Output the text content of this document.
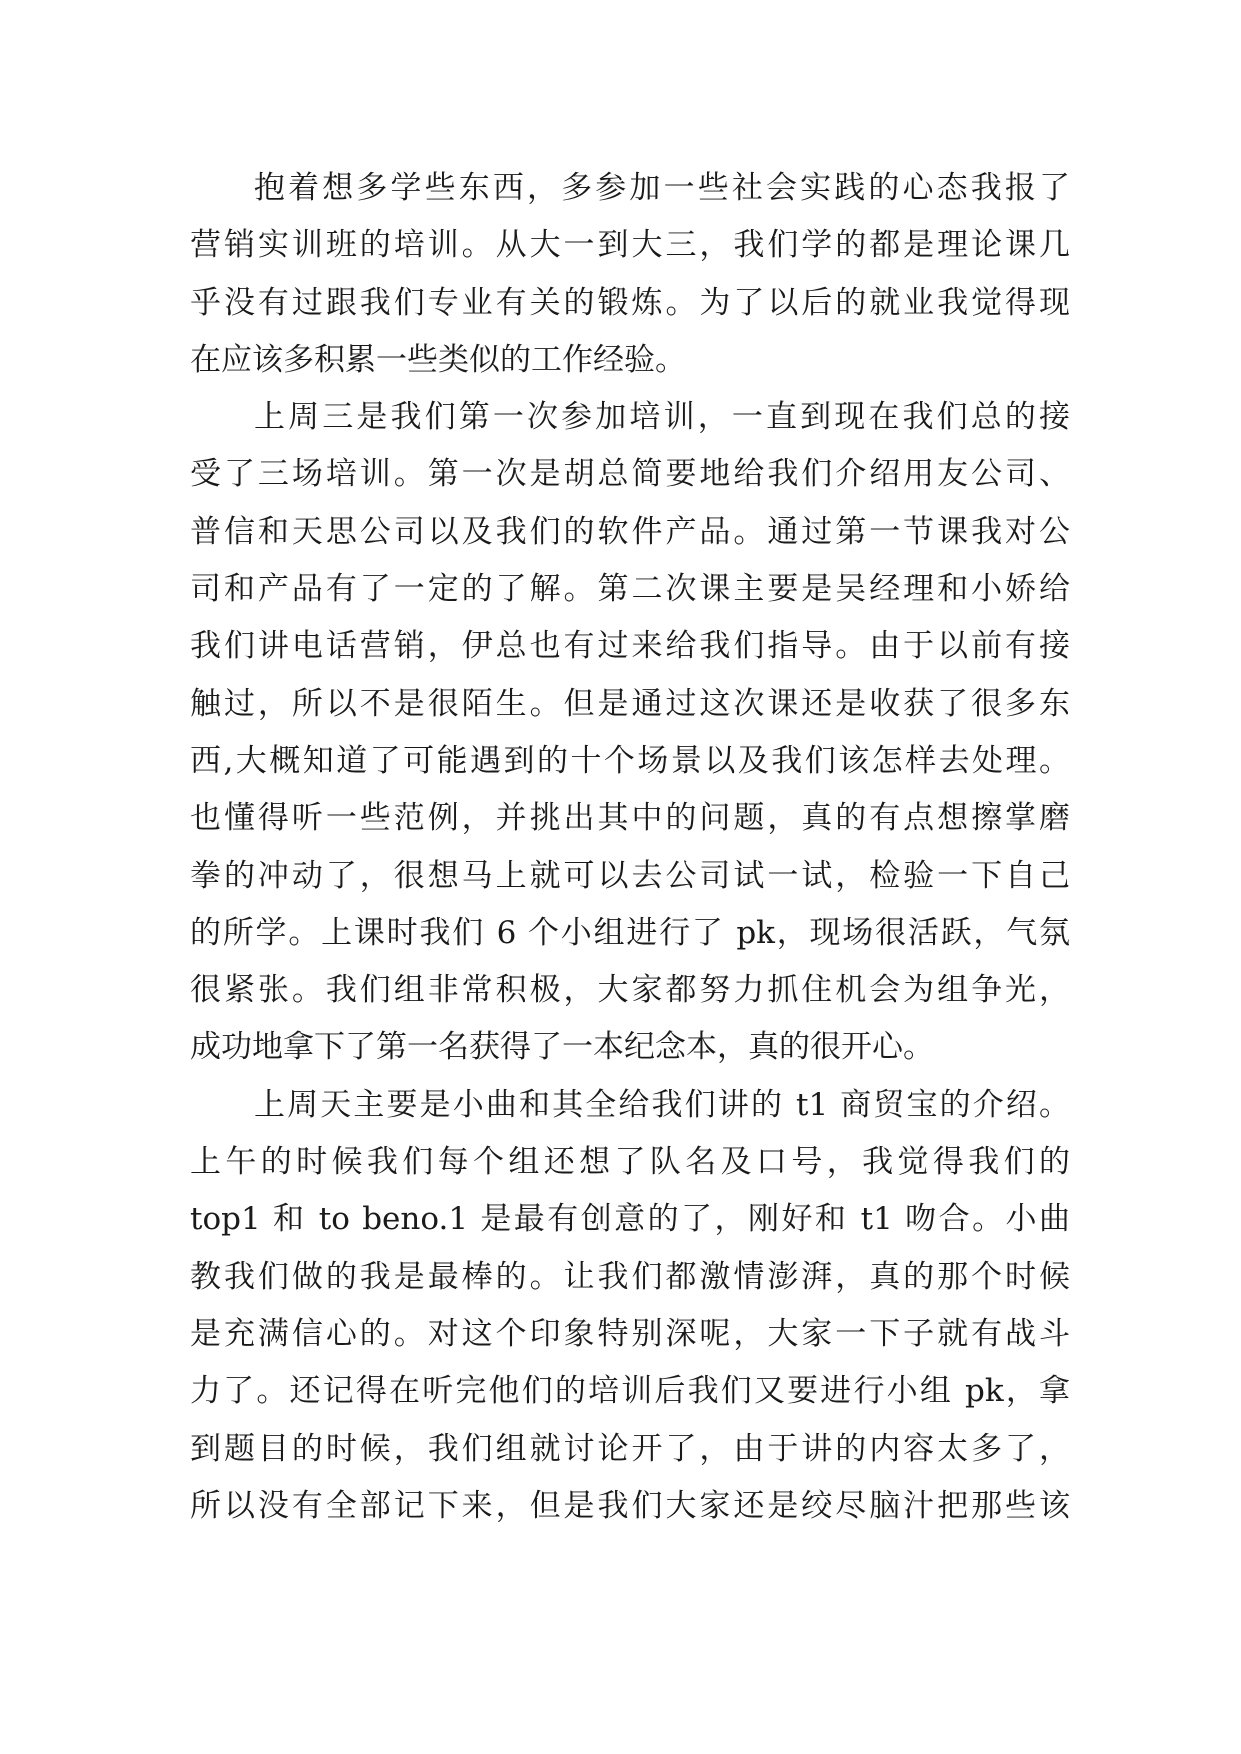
抱着想多学些东西，多参加一些社会实践的心态我报了
营销实训班的培训。从大一到大三，我们学的都是理论课几
乎没有过跟我们专业有关的锻炼。为了以后的就业我觉得现
在应该多积累一些类似的工作经验。
上周三是我们第一次参加培训，一直到现在我们总的接
受了三场培训。第一次是胡总简要地给我们介绍用友公司、
普信和天思公司以及我们的软件产品。通过第一节课我对公
司和产品有了一定的了解。第二次课主要是吴经理和小娇给
我们讲电话营销，伊总也有过来给我们指导。由于以前有接
触过，所以不是很陌生。但是通过这次课还是收获了很多东
西,大概知道了可能遇到的十个场景以及我们该怎样去处理。
也懂得听一些范例，并挑出其中的问题，真的有点想擦掌磨
拳的冲动了，很想马上就可以去公司试一试，检验一下自己
的所学。上课时我们 6 个小组进行了 pk，现场很活跃，气氛
很紧张。我们组非常积极，大家都努力抓住机会为组争光，
成功地拿下了第一名获得了一本纪念本，真的很开心。
上周天主要是小曲和其全给我们讲的 t1 商贸宝的介绍。
上午的时候我们每个组还想了队名及口号，我觉得我们的
top1 和 to beno.1 是最有创意的了，刚好和 t1 吻合。小曲
教我们做的我是最棒的。让我们都激情澎湃，真的那个时候
是充满信心的。对这个印象特别深呢，大家一下子就有战斗
力了。还记得在听完他们的培训后我们又要进行小组 pk，拿
到题目的时候，我们组就讨论开了，由于讲的内容太多了，
所以没有全部记下来，但是我们大家还是绞尽脑汁把那些该
